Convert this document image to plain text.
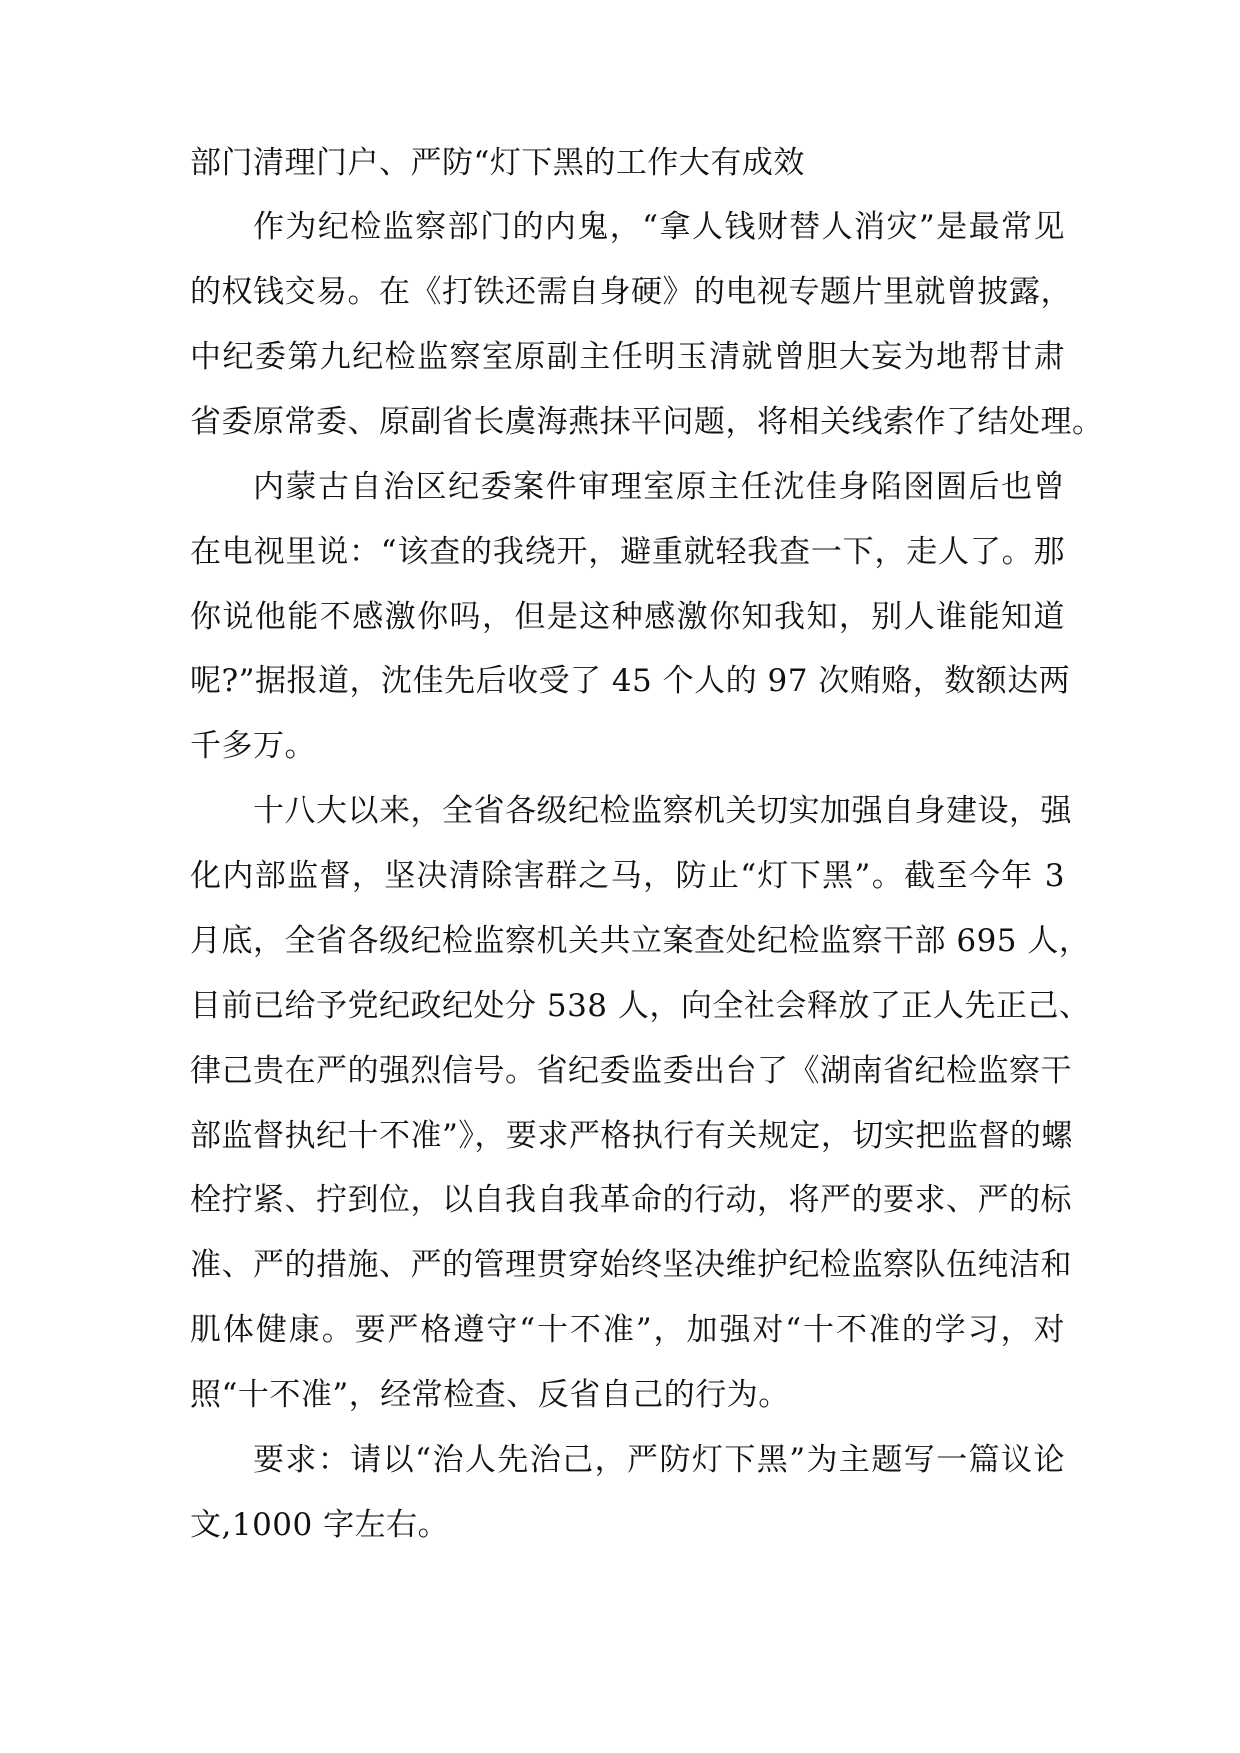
部门清理门户、严防“灯下黑的工作大有成效
作为纪检监察部门的内鬼，“拿人钱财替人消灾”是最常见
的权钱交易。在《打铁还需自身硬》的电视专题片里就曾披露，
中纪委第九纪检监察室原副主任明玉清就曾胆大妄为地帮甘肃
省委原常委、原副省长虞海燕抹平问题，将相关线索作了结处理。
内蒙古自治区纪委案件审理室原主任沈佳身陷囹圄后也曾
在电视里说：“该查的我绕开，避重就轻我查一下，走人了。那
你说他能不感激你吗，但是这种感激你知我知，别人谁能知道
呢?”据报道，沈佳先后收受了 45 个人的 97 次贿赂，数额达两
千多万。
十八大以来，全省各级纪检监察机关切实加强自身建设，强
化内部监督，坚决清除害群之马，防止“灯下黑”。截至今年 3
月底，全省各级纪检监察机关共立案查处纪检监察干部 695 人，
目前已给予党纪政纪处分 538 人，向全社会释放了正人先正己、
律己贵在严的强烈信号。省纪委监委出台了《湖南省纪检监察干
部监督执纪十不准”》，要求严格执行有关规定，切实把监督的螺
栓拧紧、拧到位，以自我自我革命的行动，将严的要求、严的标
准、严的措施、严的管理贯穿始终坚决维护纪检监察队伍纯洁和
肌体健康。要严格遵守“十不准”，加强对“十不准的学习，对
照“十不准”，经常检查、反省自己的行为。
要求：请以“治人先治己，严防灯下黑”为主题写一篇议论
文,1000 字左右。
